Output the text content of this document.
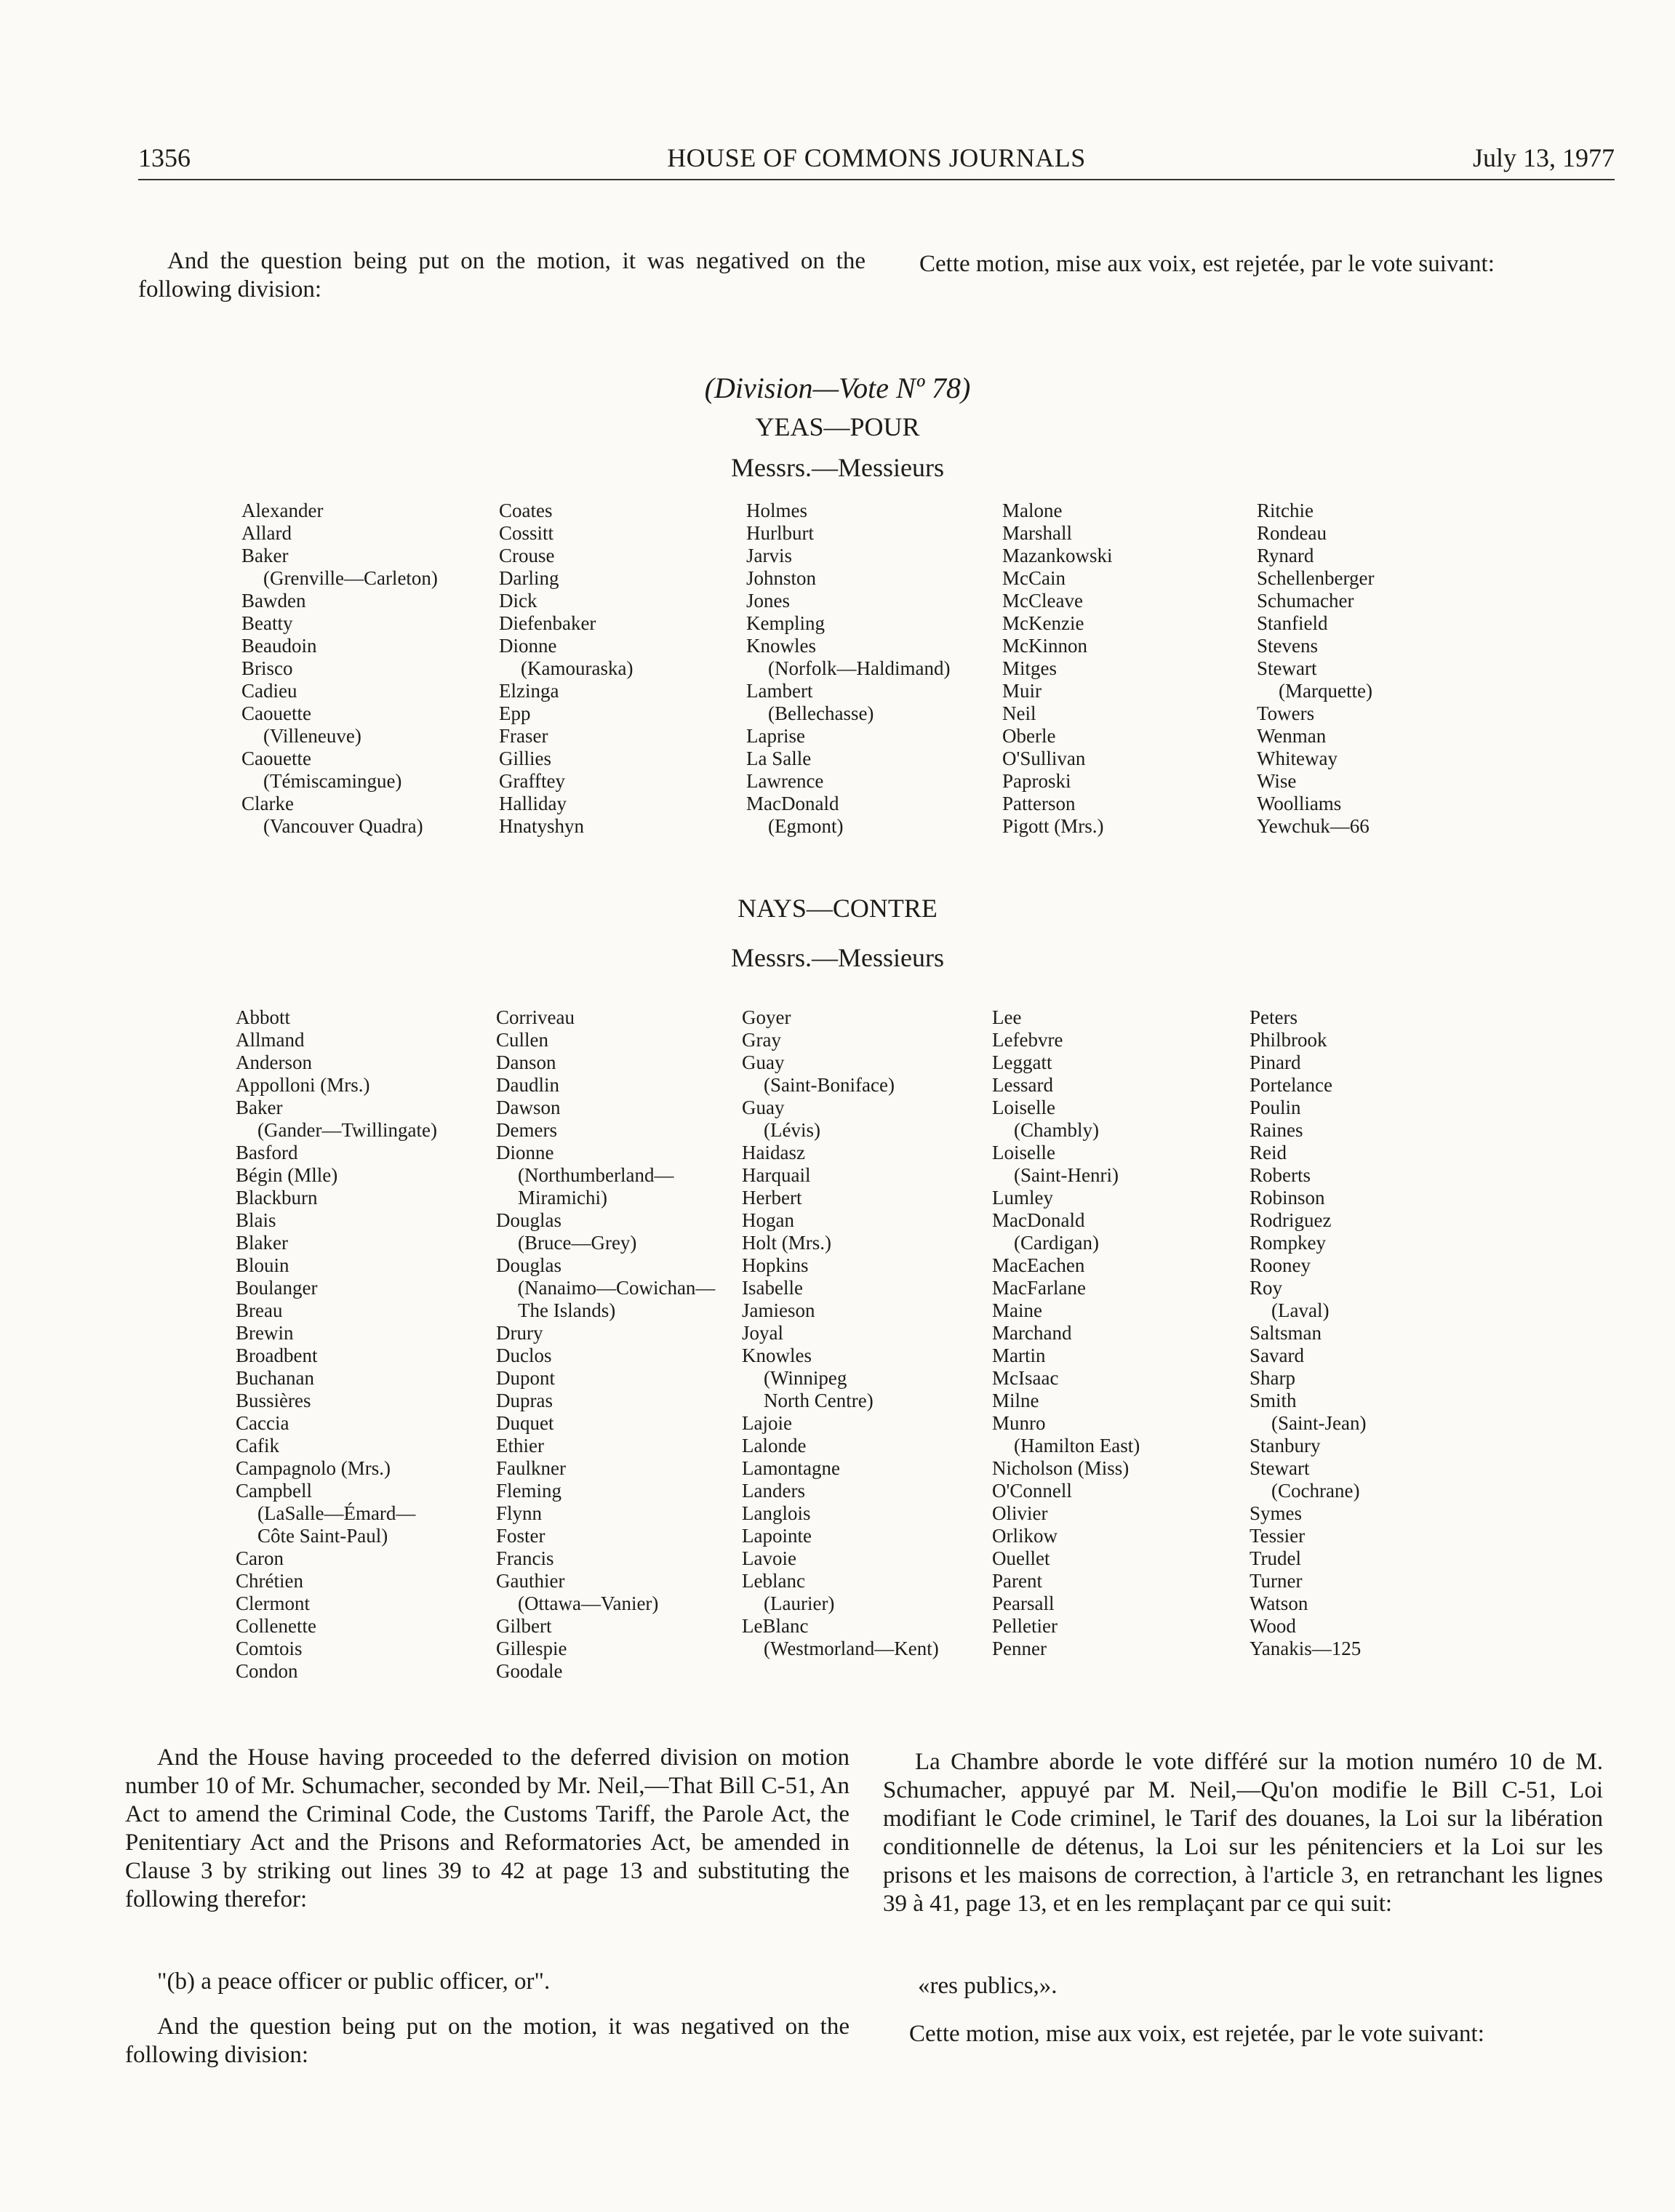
1356	HOUSE OF COMMONS JOURNALS	July 13, 1977
And the question being put on the motion, it was negatived on the following division:
Cette motion, mise aux voix, est rejetée, par le vote suivant:
(Division—Vote Nº 78)
YEAS—POUR
Messrs.—Messieurs
Alexander
Allard
Baker
(Grenville—Carleton)
Bawden
Beatty
Beaudoin
Brisco
Cadieu
Caouette
(Villeneuve)
Caouette
(Témiscamingue)
Clarke
(Vancouver Quadra)
Coates
Cossitt
Crouse
Darling
Dick
Diefenbaker
Dionne
(Kamouraska)
Elzinga
Epp
Fraser
Gillies
Grafftey
Halliday
Hnatyshyn
Holmes
Hurlburt
Jarvis
Johnston
Jones
Kempling
Knowles
(Norfolk—Haldimand)
Lambert
(Bellechasse)
Laprise
La Salle
Lawrence
MacDonald
(Egmont)
Malone
Marshall
Mazankowski
McCain
McCleave
McKenzie
McKinnon
Mitges
Muir
Neil
Oberle
O'Sullivan
Paproski
Patterson
Pigott (Mrs.)
Ritchie
Rondeau
Rynard
Schellenberger
Schumacher
Stanfield
Stevens
Stewart
(Marquette)
Towers
Wenman
Whiteway
Wise
Woolliams
Yewchuk—66
NAYS—CONTRE
Messrs.—Messieurs
Abbott
Allmand
Anderson
Appolloni (Mrs.)
Baker
(Gander—Twillingate)
Basford
Bégin (Mlle)
Blackburn
Blais
Blaker
Blouin
Boulanger
Breau
Brewin
Broadbent
Buchanan
Bussières
Caccia
Cafik
Campagnolo (Mrs.)
Campbell
(LaSalle—Émard—
Côte Saint-Paul)
Caron
Chrétien
Clermont
Collenette
Comtois
Condon
Corriveau
Cullen
Danson
Daudlin
Dawson
Demers
Dionne
(Northumberland—
Miramichi)
Douglas
(Bruce—Grey)
Douglas
(Nanaimo—Cowichan—
The Islands)
Drury
Duclos
Dupont
Dupras
Duquet
Ethier
Faulkner
Fleming
Flynn
Foster
Francis
Gauthier
(Ottawa—Vanier)
Gilbert
Gillespie
Goodale
Goyer
Gray
Guay
(Saint-Boniface)
Guay
(Lévis)
Haidasz
Harquail
Herbert
Hogan
Holt (Mrs.)
Hopkins
Isabelle
Jamieson
Joyal
Knowles
(Winnipeg
North Centre)
Lajoie
Lalonde
Lamontagne
Landers
Langlois
Lapointe
Lavoie
Leblanc
(Laurier)
LeBlanc
(Westmorland—Kent)
Lee
Lefebvre
Leggatt
Lessard
Loiselle
(Chambly)
Loiselle
(Saint-Henri)
Lumley
MacDonald
(Cardigan)
MacEachen
MacFarlane
Maine
Marchand
Martin
McIsaac
Milne
Munro
(Hamilton East)
Nicholson (Miss)
O'Connell
Olivier
Orlikow
Ouellet
Parent
Pearsall
Pelletier
Penner
Peters
Philbrook
Pinard
Portelance
Poulin
Raines
Reid
Roberts
Robinson
Rodriguez
Rompkey
Rooney
Roy
(Laval)
Saltsman
Savard
Sharp
Smith
(Saint-Jean)
Stanbury
Stewart
(Cochrane)
Symes
Tessier
Trudel
Turner
Watson
Wood
Yanakis—125
And the House having proceeded to the deferred division on motion number 10 of Mr. Schumacher, seconded by Mr. Neil,—That Bill C-51, An Act to amend the Criminal Code, the Customs Tariff, the Parole Act, the Penitentiary Act and the Prisons and Reformatories Act, be amended in Clause 3 by striking out lines 39 to 42 at page 13 and substituting the following therefor:
La Chambre aborde le vote différé sur la motion numéro 10 de M. Schumacher, appuyé par M. Neil,—Qu'on modifie le Bill C-51, Loi modifiant le Code criminel, le Tarif des douanes, la Loi sur la libération conditionnelle de détenus, la Loi sur les pénitenciers et la Loi sur les prisons et les maisons de correction, à l'article 3, en retranchant les lignes 39 à 41, page 13, et en les remplaçant par ce qui suit:
"(b) a peace officer or public officer, or".	«res publics,».
And the question being put on the motion, it was negatived on the following division:
Cette motion, mise aux voix, est rejetée, par le vote suivant:
